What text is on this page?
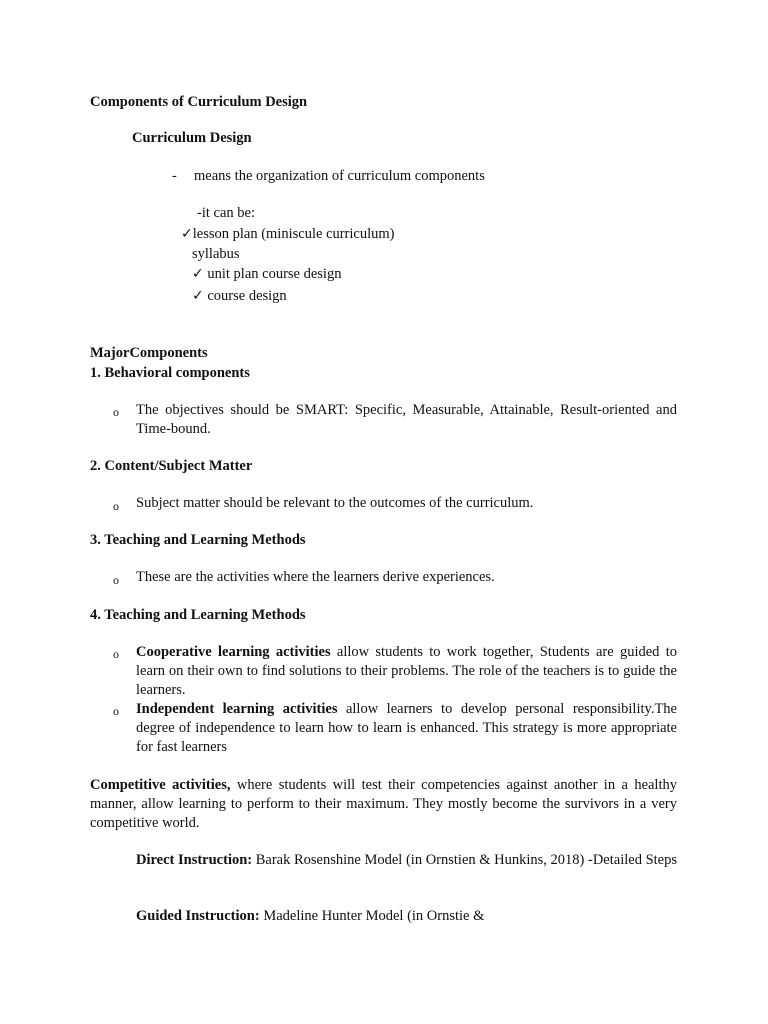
Components of Curriculum Design
Curriculum Design
- means the organization of curriculum components
-it can be:
✓lesson plan (miniscule curriculum)
syllabus
✓ unit plan course design
✓ course design
MajorComponents
1. Behavioral components
o The objectives should be SMART: Specific, Measurable, Attainable, Result-oriented and Time-bound.
2. Content/Subject Matter
o Subject matter should be relevant to the outcomes of the curriculum.
3. Teaching and Learning Methods
o These are the activities where the learners derive experiences.
4. Teaching and Learning Methods
o Cooperative learning activities allow students to work together, Students are guided to learn on their own to find solutions to their problems. The role of the teachers is to guide the learners.
o Independent learning activities allow learners to develop personal responsibility.The degree of independence to learn how to learn is enhanced. This strategy is more appropriate for fast learners
Competitive activities, where students will test their competencies against another in a healthy manner, allow learning to perform to their maximum. They mostly become the survivors in a very competitive world.
Direct Instruction: Barak Rosenshine Model (in Ornstien & Hunkins, 2018) -Detailed Steps
Guided Instruction: Madeline Hunter Model (in Ornstie &
